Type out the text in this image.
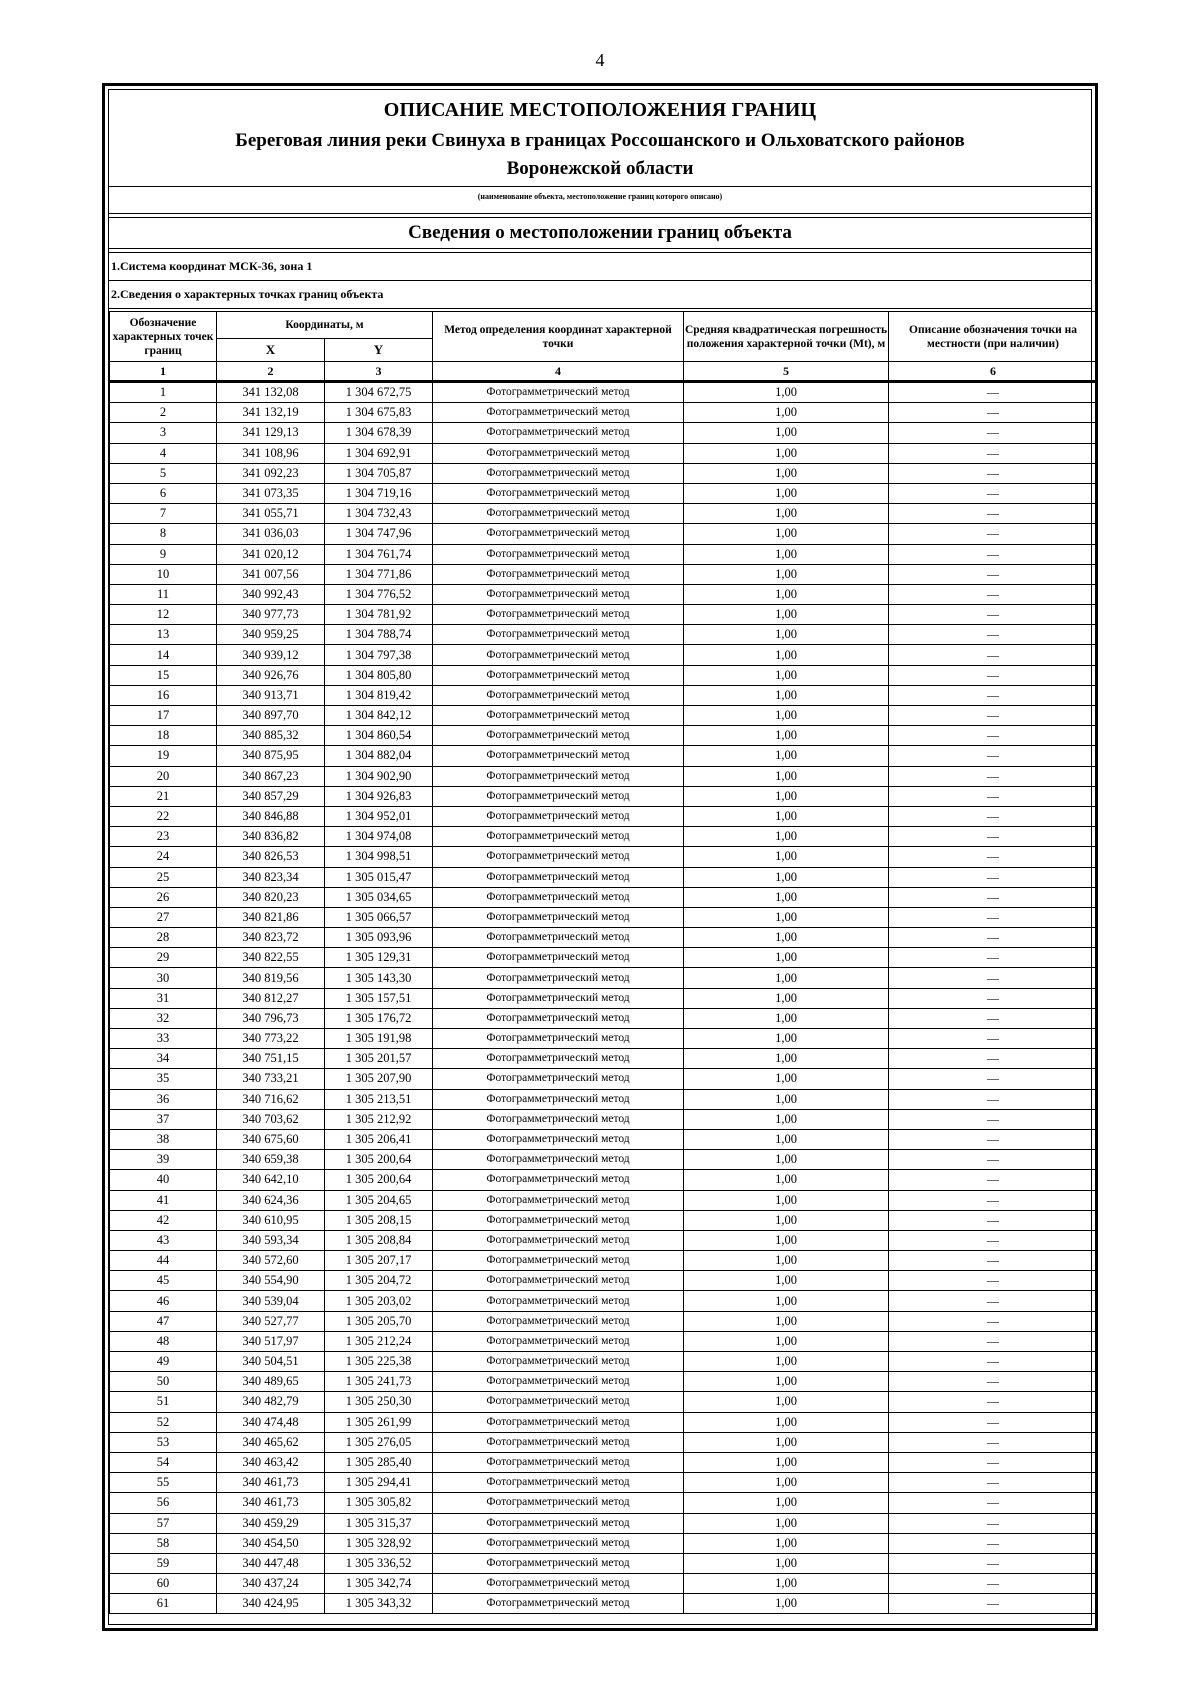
4
ОПИСАНИЕ МЕСТОПОЛОЖЕНИЯ ГРАНИЦ
Береговая линия реки Свинуха в границах Россошанского и Ольховатского районов
Воронежской области
(наименование объекта, местоположение границ которого описано)
Сведения о местоположении границ объекта
1.Система координат МСК-36, зона 1
2.Сведения о характерных точках границ объекта
Обозначение характерных точек границ	Координаты, м		Метод определения координат характерной точки	Средняя квадратическая погрешность положения характерной точки (Mt), м	Описание обозначения точки на местности (при наличии)
	X	Y			
1	2	3	4	5	6
1	341 132,08	1 304 672,75	Фотограмметрический метод	1,00	—
2	341 132,19	1 304 675,83	Фотограмметрический метод	1,00	—
3	341 129,13	1 304 678,39	Фотограмметрический метод	1,00	—
4	341 108,96	1 304 692,91	Фотограмметрический метод	1,00	—
5	341 092,23	1 304 705,87	Фотограмметрический метод	1,00	—
6	341 073,35	1 304 719,16	Фотограмметрический метод	1,00	—
7	341 055,71	1 304 732,43	Фотограмметрический метод	1,00	—
8	341 036,03	1 304 747,96	Фотограмметрический метод	1,00	—
9	341 020,12	1 304 761,74	Фотограмметрический метод	1,00	—
10	341 007,56	1 304 771,86	Фотограмметрический метод	1,00	—
11	340 992,43	1 304 776,52	Фотограмметрический метод	1,00	—
12	340 977,73	1 304 781,92	Фотограмметрический метод	1,00	—
13	340 959,25	1 304 788,74	Фотограмметрический метод	1,00	—
14	340 939,12	1 304 797,38	Фотограмметрический метод	1,00	—
15	340 926,76	1 304 805,80	Фотограмметрический метод	1,00	—
16	340 913,71	1 304 819,42	Фотограмметрический метод	1,00	—
17	340 897,70	1 304 842,12	Фотограмметрический метод	1,00	—
18	340 885,32	1 304 860,54	Фотограмметрический метод	1,00	—
19	340 875,95	1 304 882,04	Фотограмметрический метод	1,00	—
20	340 867,23	1 304 902,90	Фотограмметрический метод	1,00	—
21	340 857,29	1 304 926,83	Фотограмметрический метод	1,00	—
22	340 846,88	1 304 952,01	Фотограмметрический метод	1,00	—
23	340 836,82	1 304 974,08	Фотограмметрический метод	1,00	—
24	340 826,53	1 304 998,51	Фотограмметрический метод	1,00	—
25	340 823,34	1 305 015,47	Фотограмметрический метод	1,00	—
26	340 820,23	1 305 034,65	Фотограмметрический метод	1,00	—
27	340 821,86	1 305 066,57	Фотограмметрический метод	1,00	—
28	340 823,72	1 305 093,96	Фотограмметрический метод	1,00	—
29	340 822,55	1 305 129,31	Фотограмметрический метод	1,00	—
30	340 819,56	1 305 143,30	Фотограмметрический метод	1,00	—
31	340 812,27	1 305 157,51	Фотограмметрический метод	1,00	—
32	340 796,73	1 305 176,72	Фотограмметрический метод	1,00	—
33	340 773,22	1 305 191,98	Фотограмметрический метод	1,00	—
34	340 751,15	1 305 201,57	Фотограмметрический метод	1,00	—
35	340 733,21	1 305 207,90	Фотограмметрический метод	1,00	—
36	340 716,62	1 305 213,51	Фотограмметрический метод	1,00	—
37	340 703,62	1 305 212,92	Фотограмметрический метод	1,00	—
38	340 675,60	1 305 206,41	Фотограмметрический метод	1,00	—
39	340 659,38	1 305 200,64	Фотограмметрический метод	1,00	—
40	340 642,10	1 305 200,64	Фотограмметрический метод	1,00	—
41	340 624,36	1 305 204,65	Фотограмметрический метод	1,00	—
42	340 610,95	1 305 208,15	Фотограмметрический метод	1,00	—
43	340 593,34	1 305 208,84	Фотограмметрический метод	1,00	—
44	340 572,60	1 305 207,17	Фотограмметрический метод	1,00	—
45	340 554,90	1 305 204,72	Фотограмметрический метод	1,00	—
46	340 539,04	1 305 203,02	Фотограмметрический метод	1,00	—
47	340 527,77	1 305 205,70	Фотограмметрический метод	1,00	—
48	340 517,97	1 305 212,24	Фотограмметрический метод	1,00	—
49	340 504,51	1 305 225,38	Фотограмметрический метод	1,00	—
50	340 489,65	1 305 241,73	Фотограмметрический метод	1,00	—
51	340 482,79	1 305 250,30	Фотограмметрический метод	1,00	—
52	340 474,48	1 305 261,99	Фотограмметрический метод	1,00	—
53	340 465,62	1 305 276,05	Фотограмметрический метод	1,00	—
54	340 463,42	1 305 285,40	Фотограмметрический метод	1,00	—
55	340 461,73	1 305 294,41	Фотограмметрический метод	1,00	—
56	340 461,73	1 305 305,82	Фотограмметрический метод	1,00	—
57	340 459,29	1 305 315,37	Фотограмметрический метод	1,00	—
58	340 454,50	1 305 328,92	Фотограмметрический метод	1,00	—
59	340 447,48	1 305 336,52	Фотограмметрический метод	1,00	—
60	340 437,24	1 305 342,74	Фотограмметрический метод	1,00	—
61	340 424,95	1 305 343,32	Фотограмметрический метод	1,00	—
